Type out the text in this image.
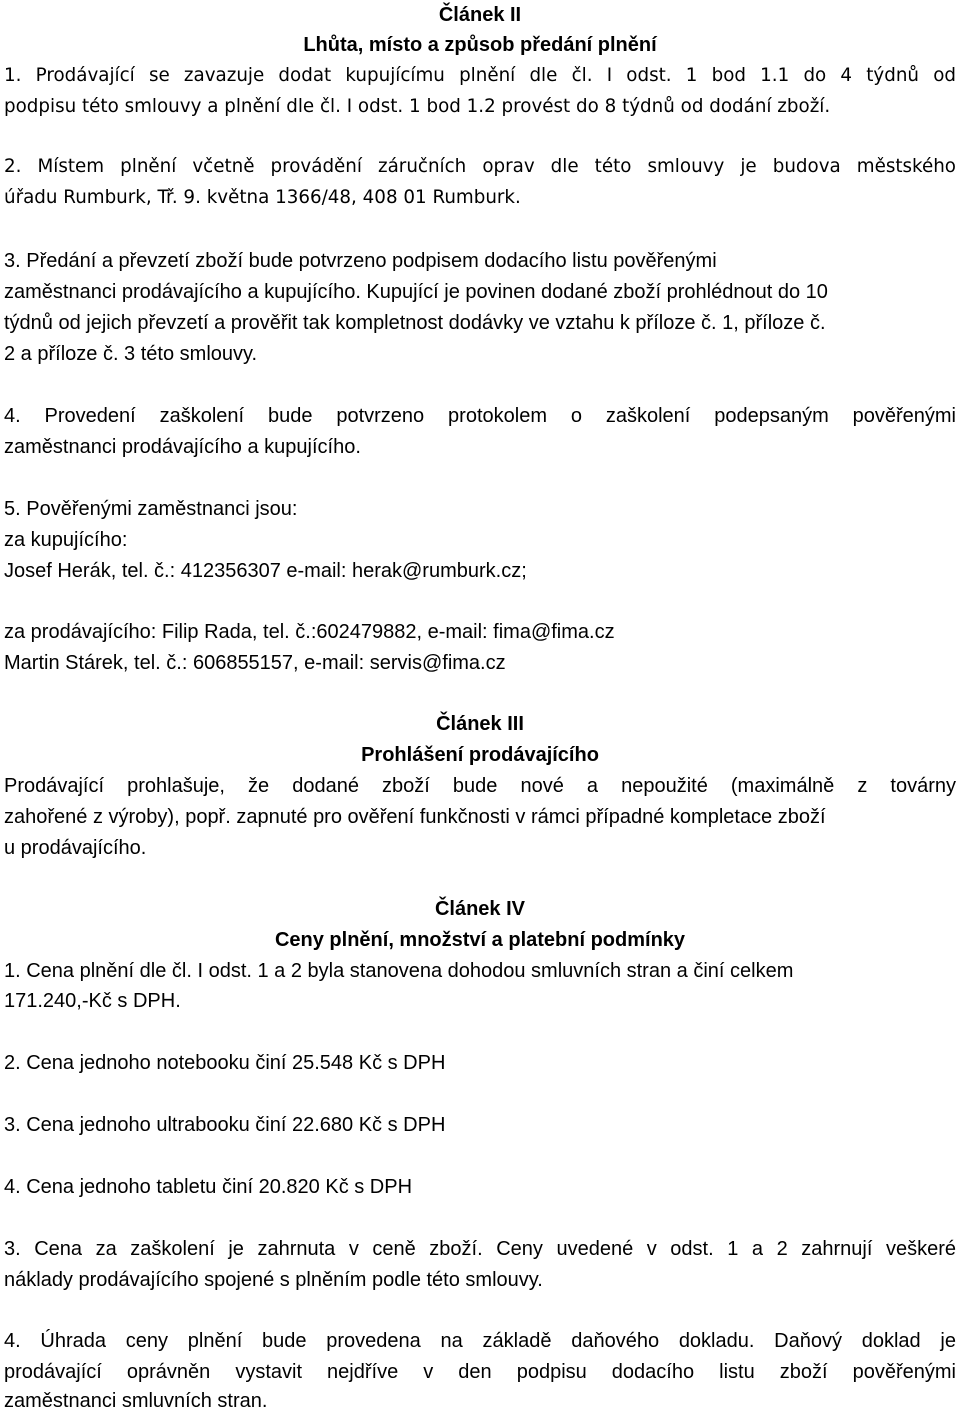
Článek II
Lhůta, místo a způsob předání plnění
1. Prodávající se zavazuje dodat kupujícímu plnění dle čl. I odst. 1 bod 1.1 do 4 týdnů od
podpisu této smlouvy a plnění dle čl. I odst. 1 bod 1.2 provést do 8 týdnů od dodání zboží.
2. Místem plnění včetně provádění záručních oprav dle této smlouvy je budova městského
úřadu Rumburk, Tř. 9. května 1366/48, 408 01 Rumburk.
3. Předání a převzetí zboží bude potvrzeno podpisem dodacího listu pověřenými
zaměstnanci prodávajícího a kupujícího. Kupující je povinen dodané zboží prohlédnout do 10
týdnů od jejich převzetí a prověřit tak kompletnost dodávky ve vztahu k příloze č. 1, příloze č.
2 a příloze č. 3 této smlouvy.
4. Provedení zaškolení bude potvrzeno protokolem o zaškolení podepsaným pověřenými
zaměstnanci prodávajícího a kupujícího.
5. Pověřenými zaměstnanci jsou:
za kupujícího:
Josef Herák, tel. č.: 412356307 e-mail: herak@rumburk.cz;
za prodávajícího: Filip Rada, tel. č.:602479882, e-mail: fima@fima.cz
Martin Stárek, tel. č.: 606855157, e-mail: servis@fima.cz
Článek III
Prohlášení prodávajícího
Prodávající prohlašuje, že dodané zboží bude nové a nepoužité (maximálně z továrny
zahořené z výroby), popř. zapnuté pro ověření funkčnosti v rámci případné kompletace zboží
u prodávajícího.
Článek IV
Ceny plnění, množství a platební podmínky
1. Cena plnění dle čl. I odst. 1 a 2 byla stanovena dohodou smluvních stran a činí celkem
171.240,-Kč s DPH.
2. Cena jednoho notebooku činí 25.548 Kč s DPH
3. Cena jednoho ultrabooku činí 22.680 Kč s DPH
4. Cena jednoho tabletu činí 20.820 Kč s DPH
3. Cena za zaškolení je zahrnuta v ceně zboží. Ceny uvedené v odst. 1 a 2 zahrnují veškeré
náklady prodávajícího spojené s plněním podle této smlouvy.
4. Úhrada ceny plnění bude provedena na základě daňového dokladu. Daňový doklad je
prodávající oprávněn vystavit nejdříve v den podpisu dodacího listu zboží pověřenými
zaměstnanci smluvních stran.
